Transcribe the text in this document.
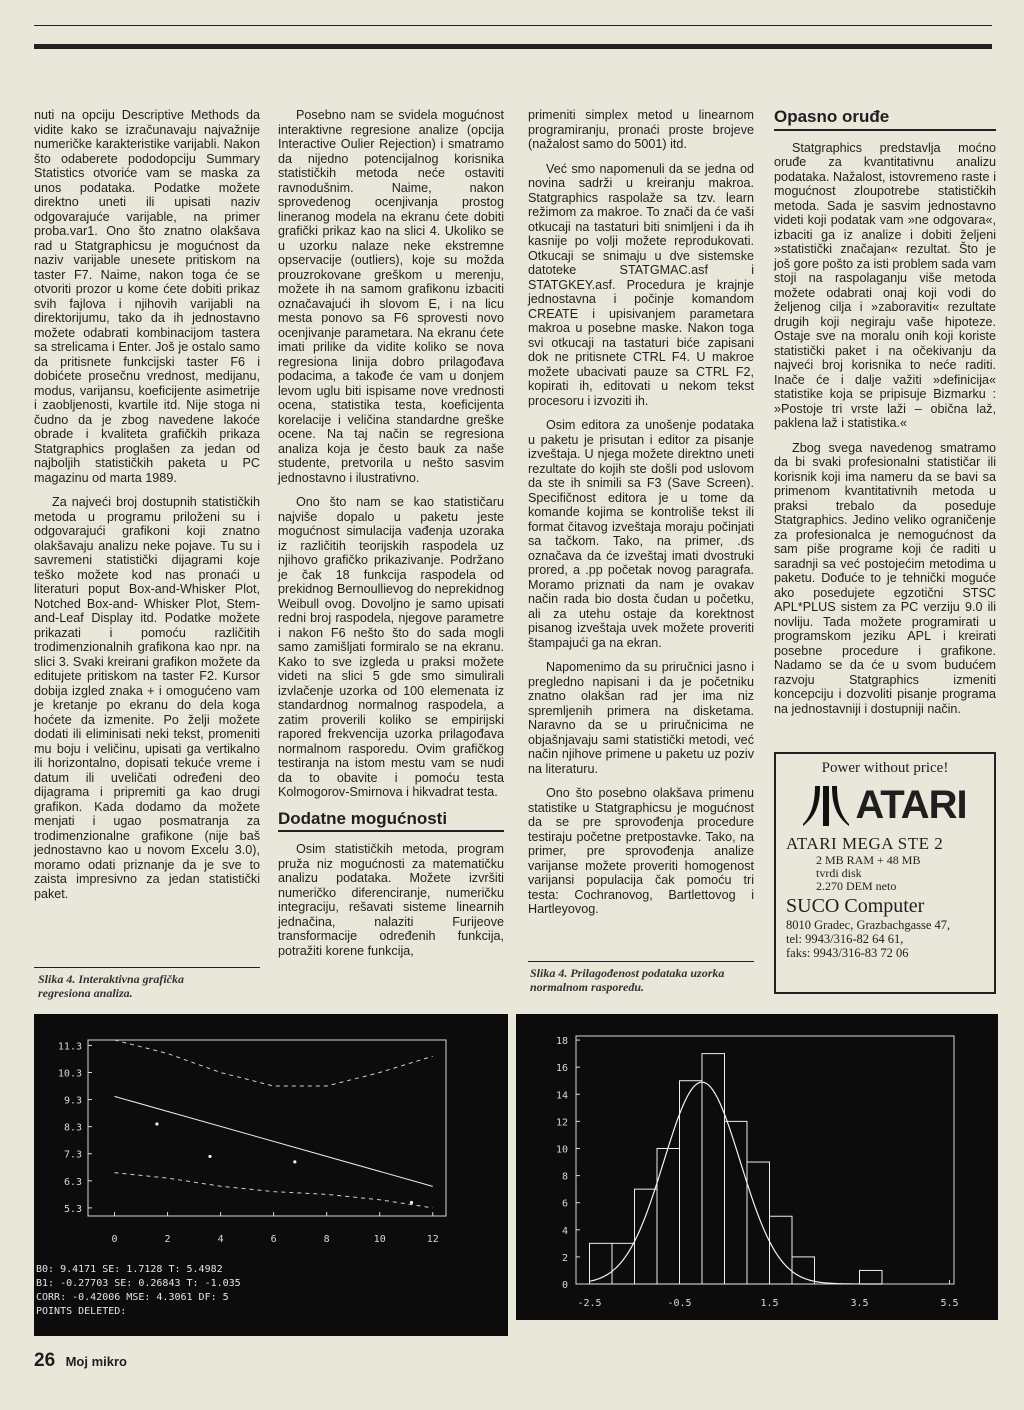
nuti na opciju Descriptive Methods da vidite kako se izračunavaju najvažnije numeričke karakteristike varijabli. Nakon što odaberete pododopciju Summary Statistics otvoriće vam se maska za unos podataka. Podatke možete direktno uneti ili upisati naziv odgovarajuće varijable, na primer proba.var1. Ono što znatno olakšava rad u Statgraphicsu je mogućnost da naziv varijable unesete pritiskom na taster F7. Naime, nakon toga će se otvoriti prozor u kome ćete dobiti prikaz svih fajlova i njihovih varijabli na direktorijumu, tako da ih jednostavno možete odabrati kombinacijom tastera sa strelicama i Enter. Još je ostalo samo da pritisnete funkcijski taster F6 i dobićete prosečnu vrednost, medijanu, modus, varijansu, koeficijente asimetrije i zaobljenosti, kvartile itd. Nije stoga ni čudno da je zbog navedene lakoće obrade i kvaliteta grafičkih prikaza Statgraphics proglašen za jedan od najboljih statističkih paketa u PC magazinu od marta 1989.

Za najveći broj dostupnih statističkih metoda u programu priloženi su i odgovarajući grafikoni koji znatno olakšavaju analizu neke pojave. Tu su i savremeni statistički dijagrami koje teško možete kod nas pronaći u literaturi poput Box-and-Whisker Plot, Notched Box-and- Whisker Plot, Stem-and-Leaf Display itd. Podatke možete prikazati i pomoću različitih trodimenzionalnih grafikona kao npr. na slici 3. Svaki kreirani grafikon možete da editujete pritiskom na taster F2. Kursor dobija izgled znaka + i omogućeno vam je kretanje po ekranu do dela koga hoćete da izmenite. Po želji možete dodati ili eliminisati neki tekst, promeniti mu boju i veličinu, upisati ga vertikalno ili horizontalno, dopisati tekuće vreme i datum ili uveličati određeni deo dijagrama i pripremiti ga kao drugi grafikon. Kada dodamo da možete menjati i ugao posmatranja za trodimenzionalne grafikone (nije baš jednostavno kao u novom Excelu 3.0), moramo odati priznanje da je sve to zaista impresivno za jedan statistički paket.

Posebno nam se svidela mogućnost interaktivne regresione analize (opcija Interactive Oulier Rejection) i smatramo da nijedno potencijalnog korisnika statističkih metoda neće ostaviti ravnodušnim. Naime, nakon sprovedenog ocenjivanja prostog lineranog modela na ekranu ćete dobiti grafički prikaz kao na slici 4. Ukoliko se u uzorku nalaze neke ekstremne opservacije (outliers), koje su možda prouzrokovane greškom u merenju, možete ih na samom grafikonu izbaciti označavajući ih slovom E, i na licu mesta ponovo sa F6 sprovesti novo ocenjivanje parametara. Na ekranu ćete imati prilike da vidite koliko se nova regresiona linija dobro prilagođava podacima, a takođe će vam u donjem levom uglu biti ispisame nove vrednosti ocena, statistika testa, koeficijenta korelacije i veličina standardne greške ocene. Na taj način se regresiona analiza koja je često bauk za naše studente, pretvorila u nešto sasvim jednostavno i ilustrativno.

Ono što nam se kao statističaru najviše dopalo u paketu jeste mogućnost simulacija vađenja uzoraka iz različitih teorijskih raspodela uz njihovo grafičko prikazivanje. Podržano je čak 18 funkcija raspodela od prekidnog Bernoullievog do neprekidnog Weibull ovog. Dovoljno je samo upisati redni broj raspodela, njegove parametre i nakon F6 nešto što do sada mogli samo zamišljati formiralo se na ekranu. Kako to sve izgleda u praksi možete videti na slici 5 gde smo simulirali izvlačenje uzorka od 100 elemenata iz standardnog normalnog raspodela, a zatim proverili koliko se empirijski rapored frekvencija uzorka prilagođava normalnom rasporedu. Ovim grafičkog testiranja na istom mestu vam se nudi da to obavite i pomoću testa Kolmogorov-Smirnova i hikvadrat testa.

Dodatne mogućnosti

Osim statističkih metoda, program pruža niz mogućnosti za matematičku analizu podataka. Možete izvršiti numeričko diferenciranje, numeričku integraciju, rešavati sisteme linearnih jednačina, nalaziti Furijeove transformacije određenih funkcija, potražiti korene funkcija,

primeniti simplex metod u linearnom programiranju, pronaći proste brojeve (nažalost samo do 5001) itd.

Već smo napomenuli da se jedna od novina sadrži u kreiranju makroa. Statgraphics raspolaže sa tzv. learn režimom za makroe. To znači da će vaši otkucaji na tastaturi biti snimljeni i da ih kasnije po volji možete reprodukovati. Otkucaji se snimaju u dve sistemske datoteke STATGMAC.asf i STATGKEY.asf. Procedura je krajnje jednostavna i počinje komandom CREATE i upisivanjem parametara makroa u posebne maske. Nakon toga svi otkucaji na tastaturi biće zapisani dok ne pritisnete CTRL F4. U makroe možete ubacivati pauze sa CTRL F2, kopirati ih, editovati u nekom tekst procesoru i izvoziti ih.

Osim editora za unošenje podataka u paketu je prisutan i editor za pisanje izveštaja. U njega možete direktno uneti rezultate do kojih ste došli pod uslovom da ste ih snimili sa F3 (Save Screen). Specifičnost editora je u tome da komande kojima se kontroliše tekst ili format čitavog izveštaja moraju počinjati sa tačkom. Tako, na primer, .ds označava da će izveštaj imati dvostruki prored, a .pp početak novog paragrafa. Moramo priznati da nam je ovakav način rada bio dosta čudan u početku, ali za utehu ostaje da korektnost pisanog izveštaja uvek možete proveriti štampajući ga na ekran.

Napomenimo da su priručnici jasno i pregledno napisani i da je početniku znatno olakšan rad jer ima niz spremljenih primera na disketama. Naravno da se u priručnicima ne objašnjavaju sami statistički metodi, već način njihove primene u paketu uz poziv na literaturu.

Ono što posebno olakšava primenu statistike u Statgraphicsu je mogućnost da se pre sprovođenja procedure testiraju početne pretpostavke. Tako, na primer, pre sprovođenja analize varijanse možete proveriti homogenost varijansi populacija čak pomoću tri testa: Cochranovog, Bartlettovog i Hartleyovog.

Opasno oruđe

Statgraphics predstavlja moćno oruđe za kvantitativnu analizu podataka. Nažalost, istovremeno raste i mogućnost zloupotrebe statističkih metoda. Sada je sasvim jednostavno videti koji podatak vam »ne odgovara«, izbaciti ga iz analize i dobiti željeni »statistički značajan« rezultat. Što je još gore pošto za isti problem sada vam stoji na raspolaganju više metoda možete odabrati onaj koji vodi do željenog cilja i »zaboraviti« rezultate drugih koji negiraju vaše hipoteze. Ostaje sve na moralu onih koji koriste statistički paket i na očekivanju da najveći broj korisnika to neće raditi. Inače će i dalje važiti »definicija« statistike koja se pripisuje Bizmarku : »Postoje tri vrste laži – obična laž, paklena laž i statistika.«

Zbog svega navedenog smatramo da bi svaki profesionalni statističar ili korisnik koji ima nameru da se bavi sa primenom kvantitativnih metoda u praksi trebalo da poseduje Statgraphics. Jedino veliko ograničenje za profesionalca je nemogućnost da sam piše programe koji će raditi u saradnji sa već postojećim metodima u paketu. Dođuće to je tehnički moguće ako posedujete egzotični STSC APL*PLUS sistem za PC verziju 9.0 ili novliju. Tada možete programirati u programskom jeziku APL i kreirati posebne procedure i grafikone. Nadamo se da će u svom budućem razvoju Statgraphics izmeniti koncepciju i dozvoliti pisanje programa na jednostavniji i dostupniji način.

Power without price!
ATARI
ATARI MEGA STE 2
2 MB RAM + 48 MB
tvrdi disk
2.270 DEM neto
SUCO Computer
8010 Gradec, Grazbachgasse 47,
tel: 9943/316-82 64 61,
faks: 9943/316-83 72 06
Slika 4. Interaktivna grafička regresiona analiza.
Slika 4. Prilagođenost podataka uzorka normalnom rasporedu.
11.3
10.3
9.3
8.3
7.3
6.3
5.3
0	2	4	6	8	10	12
B0: 9.4171 SE: 1.7128 T: 5.4982
B1: -0.27703 SE: 0.26843 T: -1.035
CORR: -0.42006 MSE: 4.3061 DF: 5
POINTS DELETED:
18
16
14
12
10
8
6
4
2
0
-2.5	-0.5	1.5	3.5	5.5
26 Moj mikro
